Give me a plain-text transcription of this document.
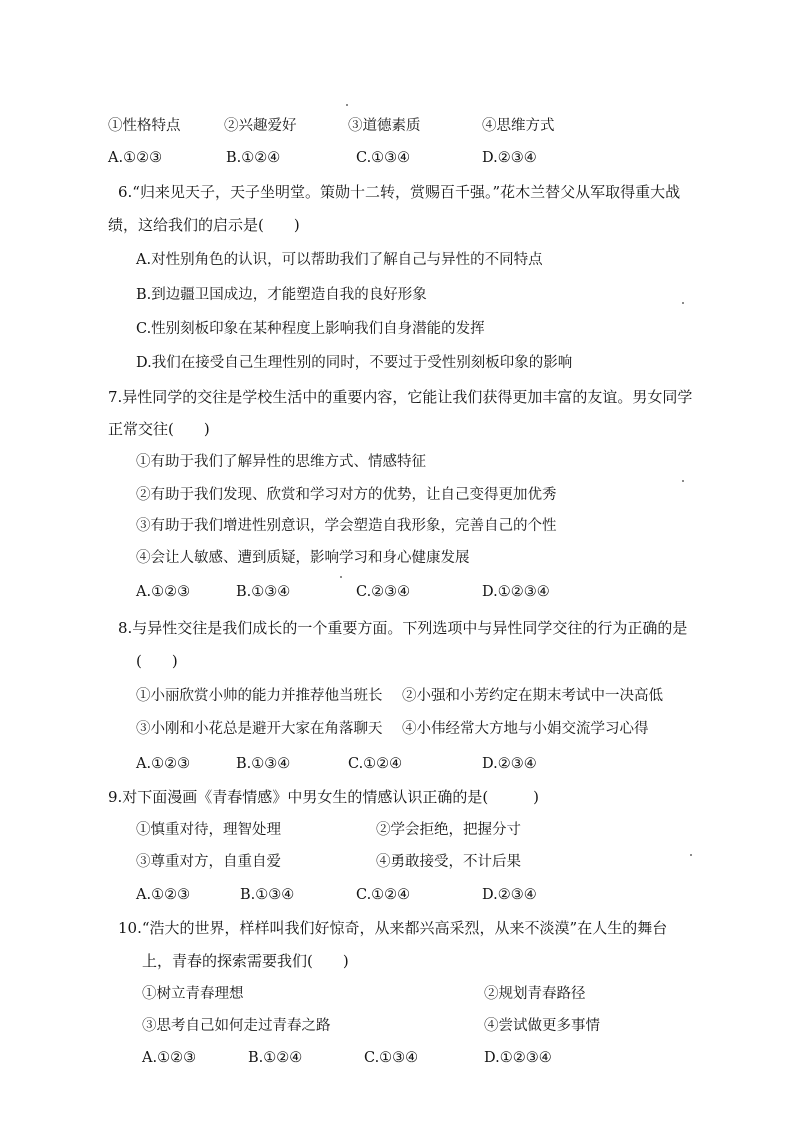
①性格特点	②兴趣爱好	③道德素质	④思维方式
A.①②③	B.①②④	C.①③④	D.②③④
6.“归来见天子，天子坐明堂。策勋十二转，赏赐百千强。”花木兰替父从军取得重大战
绩，这给我们的启示是(　　)
A.对性别角色的认识，可以帮助我们了解自己与异性的不同特点
B.到边疆卫国成边，才能塑造自我的良好形象
C.性别刻板印象在某种程度上影响我们自身潜能的发挥
D.我们在接受自己生理性别的同时，不要过于受性别刻板印象的影响
7.异性同学的交往是学校生活中的重要内容，它能让我们获得更加丰富的友谊。男女同学
正常交往(　　)
①有助于我们了解异性的思维方式、情感特征
②有助于我们发现、欣赏和学习对方的优势，让自己变得更加优秀
③有助于我们增进性别意识，学会塑造自我形象，完善自己的个性
④会让人敏感、遭到质疑，影响学习和身心健康发展
A.①②③	B.①③④	C.②③④	D.①②③④
8.与异性交往是我们成长的一个重要方面。下列选项中与异性同学交往的行为正确的是
(　　)
①小丽欣赏小帅的能力并推荐他当班长 ②小强和小芳约定在期末考试中一决高低
③小刚和小花总是避开大家在角落聊天 ④小伟经常大方地与小娟交流学习心得
A.①②③	B.①③④	C.①②④	D.②③④
9.对下面漫画《青春情感》中男女生的情感认识正确的是(　　　)
①慎重对待，理智处理	②学会拒绝，把握分寸
③尊重对方，自重自爱	④勇敢接受，不计后果
A.①②③	B.①③④	C.①②④	D.②③④
10.“浩大的世界，样样叫我们好惊奇，从来都兴高采烈，从来不淡漠”在人生的舞台
上，青春的探索需要我们(　　)
①树立青春理想	②规划青春路径
③思考自己如何走过青春之路	④尝试做更多事情
A.①②③	B.①②④	C.①③④	D.①②③④
